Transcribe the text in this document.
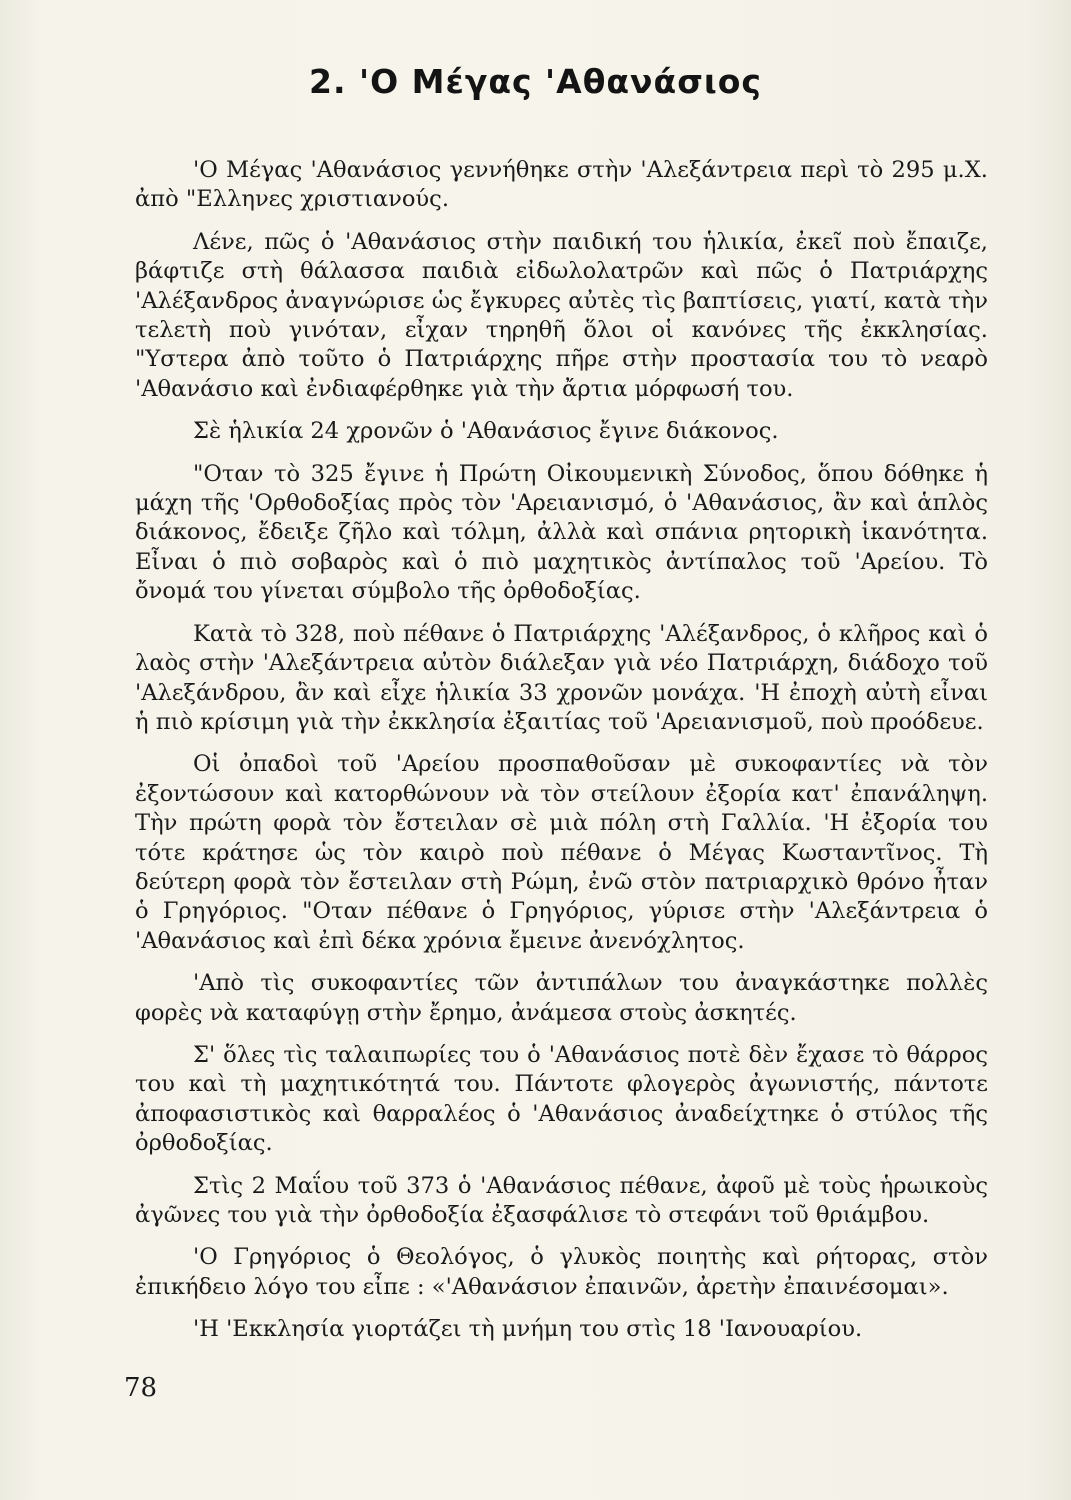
2. 'Ο Μέγας 'Αθανάσιος

'Ο Μέγας 'Αθανάσιος γεννήθηκε στὴν 'Αλεξάντρεια περὶ τὸ 295 μ.Χ. ἀπὸ "Ελληνες χριστιανούς.

Λένε, πῶς ὁ 'Αθανάσιος στὴν παιδική του ἡλικία, ἐκεῖ ποὺ ἔπαιζε, βάφτιζε στὴ θάλασσα παιδιὰ εἰδωλολατρῶν καὶ πῶς ὁ Πατριάρχης 'Αλέξανδρος ἀναγνώρισε ὡς ἔγκυρες αὐτὲς τὶς βαπτίσεις, γιατί, κατὰ τὴν τελετὴ ποὺ γινόταν, εἶχαν τηρηθῆ ὅλοι οἱ κανόνες τῆς ἐκκλησίας. "Υστερα ἀπὸ τοῦτο ὁ Πατριάρχης πῆρε στὴν προστασία του τὸ νεαρὸ 'Αθανάσιο καὶ ἐνδιαφέρθηκε γιὰ τὴν ἄρτια μόρφωσή του.

Σὲ ἡλικία 24 χρονῶν ὁ 'Αθανάσιος ἔγινε διάκονος.

"Οταν τὸ 325 ἔγινε ἡ Πρώτη Οἰκουμενικὴ Σύνοδος, ὅπου δόθηκε ἡ μάχη τῆς 'Ορθοδοξίας πρὸς τὸν 'Αρειανισμό, ὁ 'Αθανάσιος, ἂν καὶ ἁπλὸς διάκονος, ἔδειξε ζῆλο καὶ τόλμη, ἀλλὰ καὶ σπάνια ρητορικὴ ἱκανότητα. Εἶναι ὁ πιὸ σοβαρὸς καὶ ὁ πιὸ μαχητικὸς ἀντίπαλος τοῦ 'Αρείου. Τὸ ὄνομά του γίνεται σύμβολο τῆς ὀρθοδοξίας.

Κατὰ τὸ 328, ποὺ πέθανε ὁ Πατριάρχης 'Αλέξανδρος, ὁ κλῆρος καὶ ὁ λαὸς στὴν 'Αλεξάντρεια αὐτὸν διάλεξαν γιὰ νέο Πατριάρχη, διάδοχο τοῦ 'Αλεξάνδρου, ἂν καὶ εἶχε ἡλικία 33 χρονῶν μονάχα. 'Η ἐποχὴ αὐτὴ εἶναι ἡ πιὸ κρίσιμη γιὰ τὴν ἐκκλησία ἐξαιτίας τοῦ 'Αρειανισμοῦ, ποὺ προόδευε.

Οἱ ὀπαδοὶ τοῦ 'Αρείου προσπαθοῦσαν μὲ συκοφαντίες νὰ τὸν ἐξοντώσουν καὶ κατορθώνουν νὰ τὸν στείλουν ἐξορία κατ' ἐπανάληψη. Τὴν πρώτη φορὰ τὸν ἔστειλαν σὲ μιὰ πόλη στὴ Γαλλία. 'Η ἐξορία του τότε κράτησε ὡς τὸν καιρὸ ποὺ πέθανε ὁ Μέγας Κωσταντῖνος. Τὴ δεύτερη φορὰ τὸν ἔστειλαν στὴ Ρώμη, ἐνῶ στὸν πατριαρχικὸ θρόνο ἦταν ὁ Γρηγόριος. "Οταν πέθανε ὁ Γρηγόριος, γύρισε στὴν 'Αλεξάντρεια ὁ 'Αθανάσιος καὶ ἐπὶ δέκα χρόνια ἔμεινε ἀνενόχλητος.

'Απὸ τὶς συκοφαντίες τῶν ἀντιπάλων του ἀναγκάστηκε πολλὲς φορὲς νὰ καταφύγῃ στὴν ἔρημο, ἀνάμεσα στοὺς ἀσκητές.

Σ' ὅλες τὶς ταλαιπωρίες του ὁ 'Αθανάσιος ποτὲ δὲν ἔχασε τὸ θάρρος του καὶ τὴ μαχητικότητά του. Πάντοτε φλογερὸς ἀγωνιστής, πάντοτε ἀποφασιστικὸς καὶ θαρραλέος ὁ 'Αθανάσιος ἀναδείχτηκε ὁ στύλος τῆς ὀρθοδοξίας.

Στὶς 2 Μαΐου τοῦ 373 ὁ 'Αθανάσιος πέθανε, ἀφοῦ μὲ τοὺς ἡρωικοὺς ἀγῶνες του γιὰ τὴν ὀρθοδοξία ἐξασφάλισε τὸ στεφάνι τοῦ θριάμβου.

'Ο Γρηγόριος ὁ Θεολόγος, ὁ γλυκὸς ποιητὴς καὶ ρήτορας, στὸν ἐπικήδειο λόγο του εἶπε : «'Αθανάσιον ἐπαινῶν, ἀρετὴν ἐπαινέσομαι».

'Η 'Εκκλησία γιορτάζει τὴ μνήμη του στὶς 18 'Ιανουαρίου.

78
